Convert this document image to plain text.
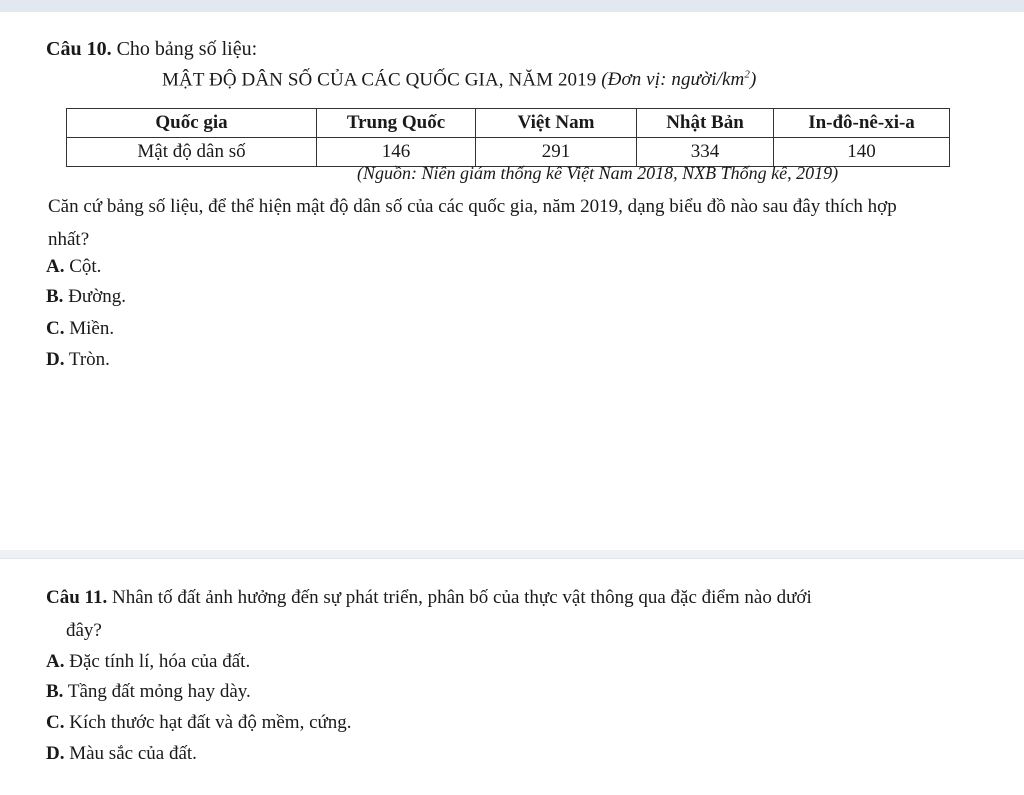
Câu 10. Cho bảng số liệu:
MẬT ĐỘ DÂN SỐ CỦA CÁC QUỐC GIA, NĂM 2019 (Đơn vị: người/$km^2$)
Quốc gia	Trung Quốc	Việt Nam	Nhật Bản	In-đô-nê-xi-a
Mật độ dân số	146	291	334	140
(Nguồn: Niên giám thống kê Việt Nam 2018, NXB Thống kê, 2019)
Căn cứ bảng số liệu, để thể hiện mật độ dân số của các quốc gia, năm 2019, dạng biểu đồ nào sau đây thích hợp
nhất?
A. Cột.
B. Đường.
C. Miền.
D. Tròn.
Câu 11. Nhân tố đất ảnh hưởng đến sự phát triển, phân bố của thực vật thông qua đặc điểm nào dưới
đây?
A. Đặc tính lí, hóa của đất.
B. Tầng đất mỏng hay dày.
C. Kích thước hạt đất và độ mềm, cứng.
D. Màu sắc của đất.
